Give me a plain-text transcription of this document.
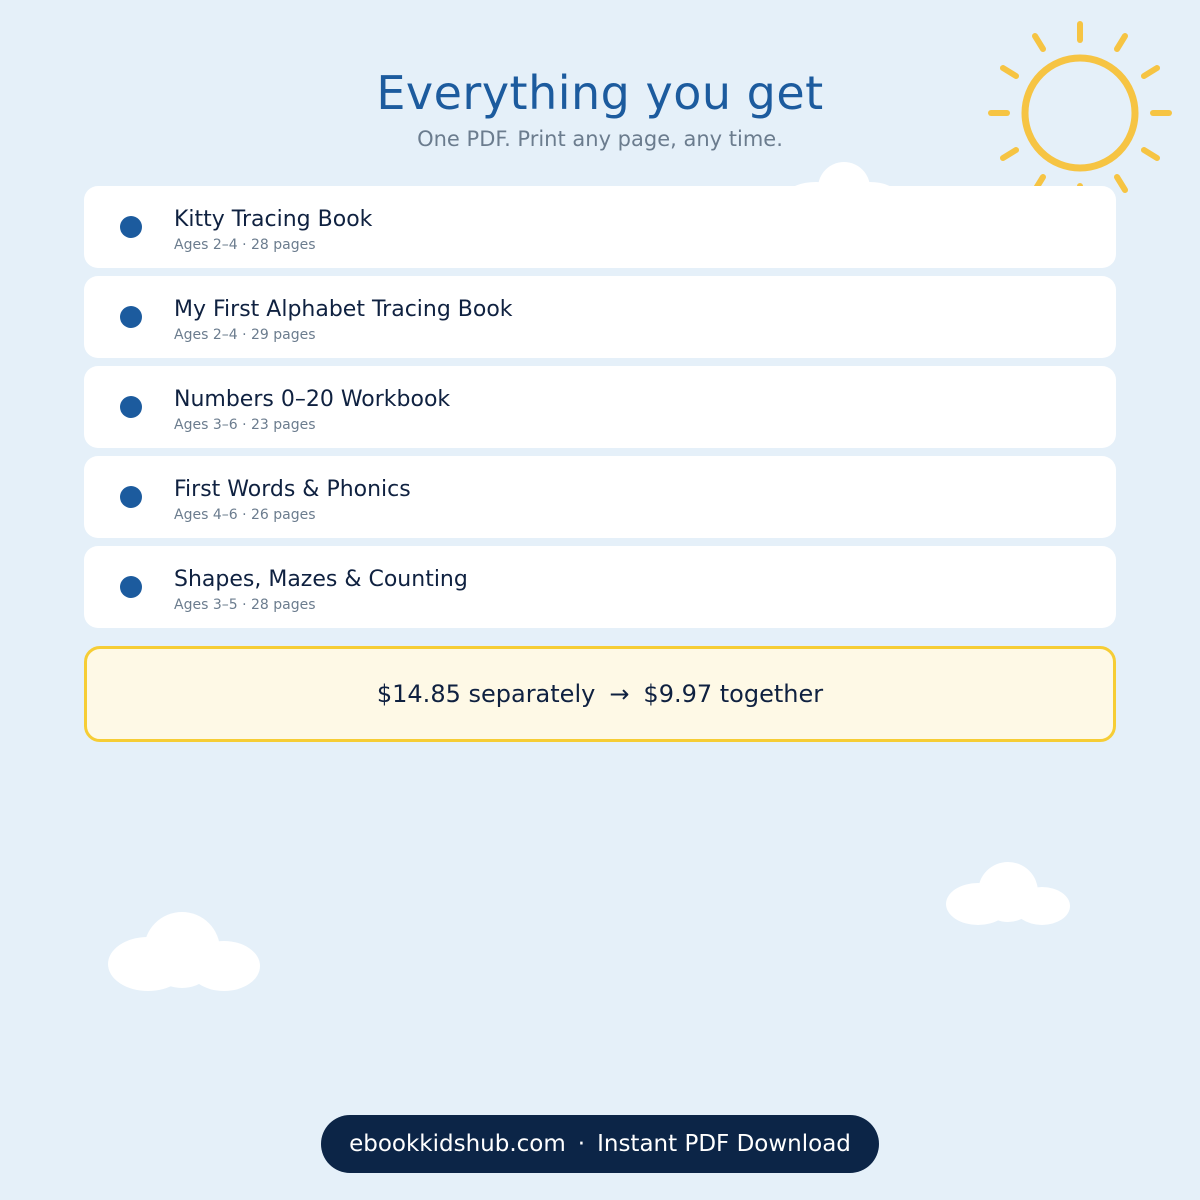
Everything you get
One PDF. Print any page, any time.
Kitty Tracing Book
Ages 2–4 · 28 pages
My First Alphabet Tracing Book
Ages 2–4 · 29 pages
Numbers 0–20 Workbook
Ages 3–6 · 23 pages
First Words & Phonics
Ages 4–6 · 26 pages
Shapes, Mazes & Counting
Ages 3–5 · 28 pages
$14.85 separately → $9.97 together
ebookkidshub.com · Instant PDF Download
